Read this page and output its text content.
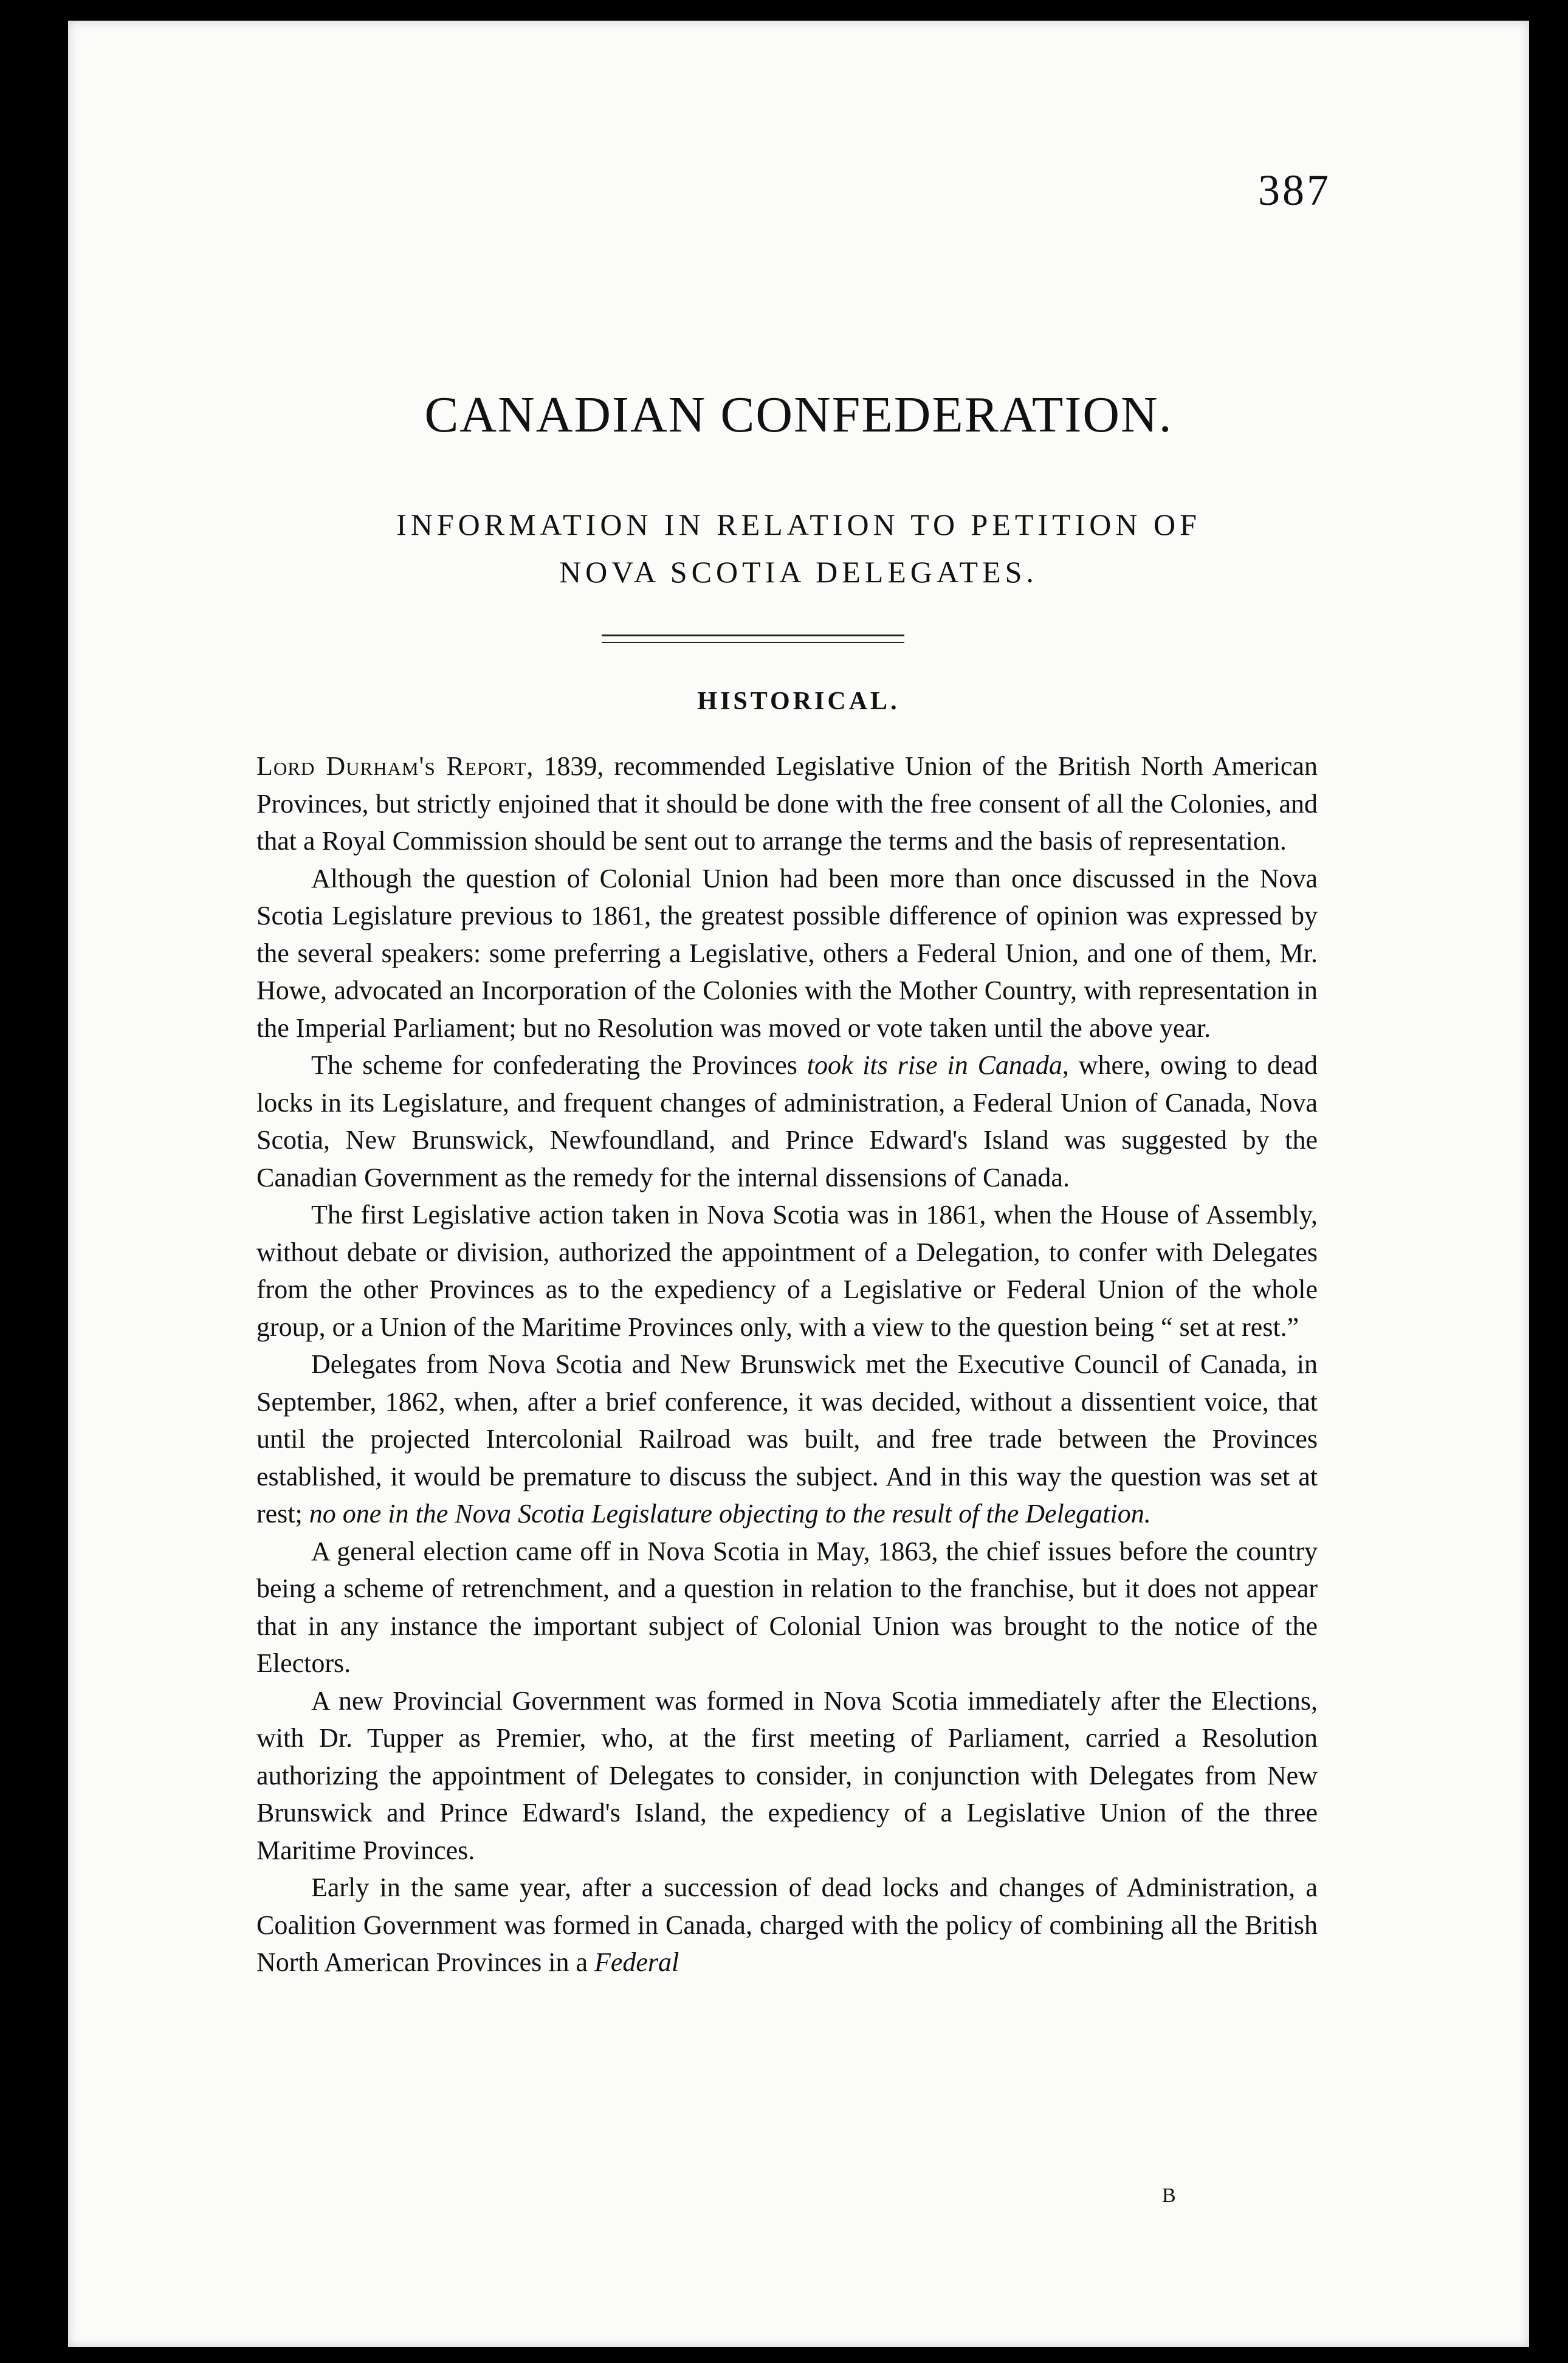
387
CANADIAN CONFEDERATION.
INFORMATION IN RELATION TO PETITION OF
NOVA SCOTIA DELEGATES.
HISTORICAL.

Lord Durham's Report, 1839, recommended Legislative Union of the British North American Provinces, but strictly enjoined that it should be done with the free consent of all the Colonies, and that a Royal Commission should be sent out to arrange the terms and the basis of representation.

Although the question of Colonial Union had been more than once discussed in the Nova Scotia Legislature previous to 1861, the greatest possible difference of opinion was expressed by the several speakers: some preferring a Legislative, others a Federal Union, and one of them, Mr. Howe, advocated an Incorporation of the Colonies with the Mother Country, with representation in the Imperial Parliament; but no Resolution was moved or vote taken until the above year.

The scheme for confederating the Provinces took its rise in Canada, where, owing to dead locks in its Legislature, and frequent changes of administration, a Federal Union of Canada, Nova Scotia, New Brunswick, Newfoundland, and Prince Edward's Island was suggested by the Canadian Government as the remedy for the internal dissensions of Canada.

The first Legislative action taken in Nova Scotia was in 1861, when the House of Assembly, without debate or division, authorized the appointment of a Delegation, to confer with Delegates from the other Provinces as to the expediency of a Legislative or Federal Union of the whole group, or a Union of the Maritime Provinces only, with a view to the question being “ set at rest.”

Delegates from Nova Scotia and New Brunswick met the Executive Council of Canada, in September, 1862, when, after a brief conference, it was decided, without a dissentient voice, that until the projected Intercolonial Railroad was built, and free trade between the Provinces established, it would be premature to discuss the subject. And in this way the question was set at rest; no one in the Nova Scotia Legislature objecting to the result of the Delegation.

A general election came off in Nova Scotia in May, 1863, the chief issues before the country being a scheme of retrenchment, and a question in relation to the franchise, but it does not appear that in any instance the important subject of Colonial Union was brought to the notice of the Electors.

A new Provincial Government was formed in Nova Scotia immediately after the Elections, with Dr. Tupper as Premier, who, at the first meeting of Parliament, carried a Resolution authorizing the appointment of Delegates to consider, in conjunction with Delegates from New Brunswick and Prince Edward's Island, the expediency of a Legislative Union of the three Maritime Provinces.

Early in the same year, after a succession of dead locks and changes of Administration, a Coalition Government was formed in Canada, charged with the policy of combining all the British North American Provinces in a Federal

B
